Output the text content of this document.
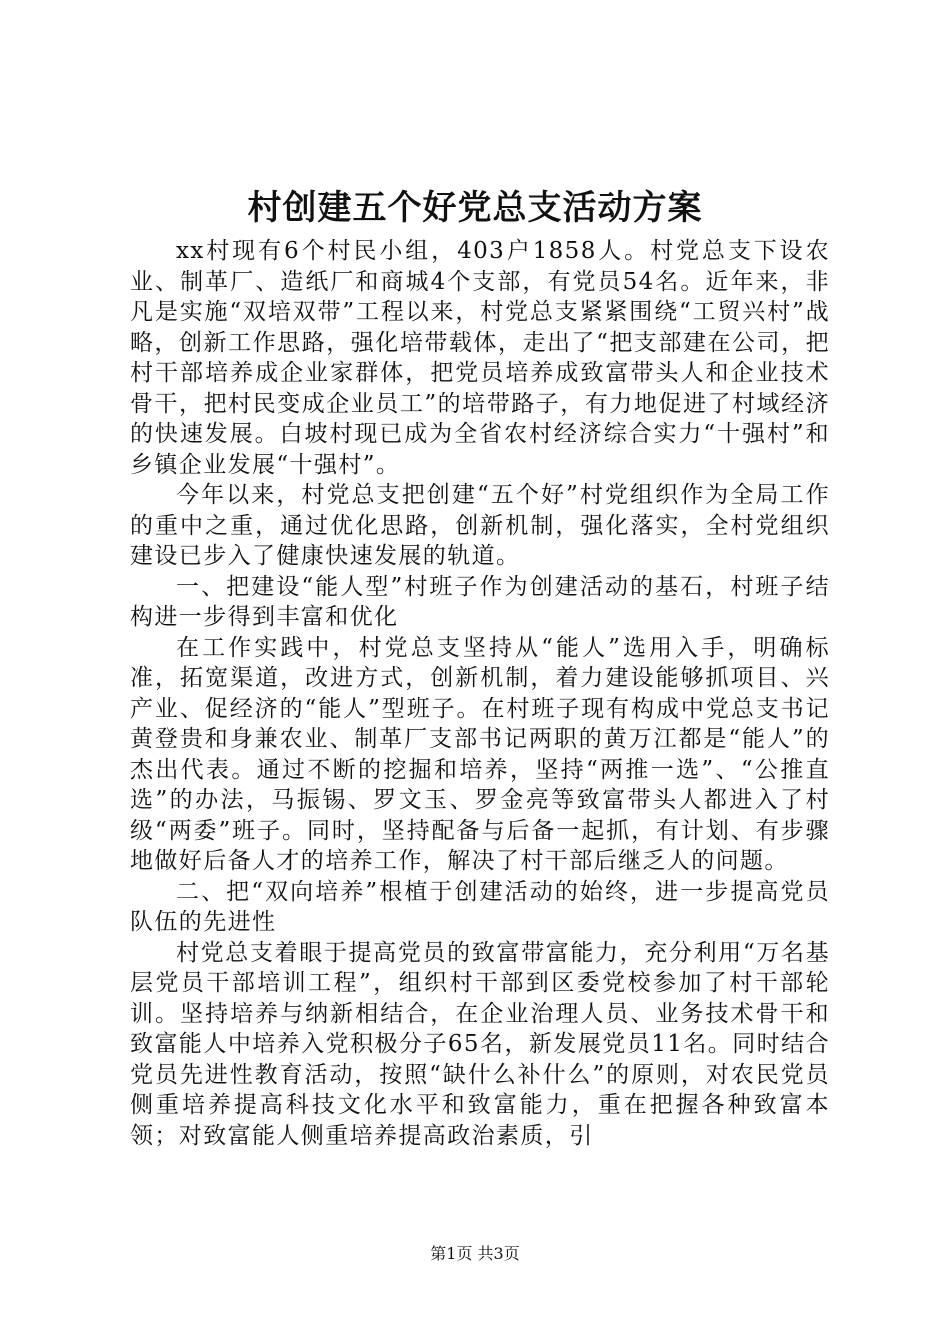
村创建五个好党总支活动方案

xx村现有6个村民小组，403户1858人。村党总支下设农业、制革厂、造纸厂和商城4个支部，有党员54名。近年来，非凡是实施“双培双带”工程以来，村党总支紧紧围绕“工贸兴村”战略，创新工作思路，强化培带载体，走出了“把支部建在公司，把村干部培养成企业家群体，把党员培养成致富带头人和企业技术骨干，把村民变成企业员工”的培带路子，有力地促进了村域经济的快速发展。白坡村现已成为全省农村经济综合实力“十强村”和乡镇企业发展“十强村”。

今年以来，村党总支把创建“五个好”村党组织作为全局工作的重中之重，通过优化思路，创新机制，强化落实，全村党组织建设已步入了健康快速发展的轨道。

一、把建设“能人型”村班子作为创建活动的基石，村班子结构进一步得到丰富和优化

在工作实践中，村党总支坚持从“能人”选用入手，明确标准，拓宽渠道，改进方式，创新机制，着力建设能够抓项目、兴产业、促经济的“能人”型班子。在村班子现有构成中党总支书记黄登贵和身兼农业、制革厂支部书记两职的黄万江都是“能人”的杰出代表。通过不断的挖掘和培养，坚持“两推一选”、“公推直选”的办法，马振锡、罗文玉、罗金亮等致富带头人都进入了村级“两委”班子。同时，坚持配备与后备一起抓，有计划、有步骤地做好后备人才的培养工作，解决了村干部后继乏人的问题。

二、把“双向培养”根植于创建活动的始终，进一步提高党员队伍的先进性

村党总支着眼于提高党员的致富带富能力，充分利用“万名基层党员干部培训工程”，组织村干部到区委党校参加了村干部轮训。坚持培养与纳新相结合，在企业治理人员、业务技术骨干和致富能人中培养入党积极分子65名，新发展党员11名。同时结合党员先进性教育活动，按照“缺什么补什么”的原则，对农民党员侧重培养提高科技文化水平和致富能力，重在把握各种致富本领；对致富能人侧重培养提高政治素质，引

第1页 共3页
